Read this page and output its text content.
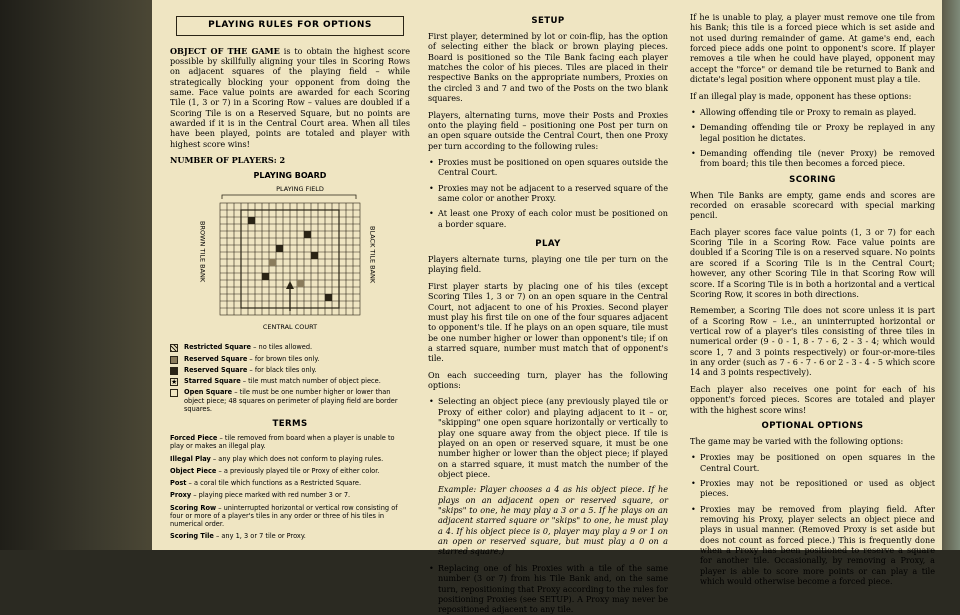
PLAYING RULES FOR OPTIONS

OBJECT OF THE GAME is to obtain the highest score possible by skillfully aligning your tiles in Scoring Rows on adjacent squares of the playing field – while strategically blocking your opponent from doing the same. Face value points are awarded for each Scoring Tile (1, 3 or 7) in a Scoring Row – values are doubled if a Scoring Tile is on a Reserved Square, but no points are awarded if it is in the Central Court area. When all tiles have been played, points are totaled and player with highest score wins!

NUMBER OF PLAYERS: 2

PLAYING BOARD
PLAYING FIELD
BROWN TILE BANK	BLACK TILE BANK
CENTRAL COURT
Restricted Square – no tiles allowed.
Reserved Square – for brown tiles only.
Reserved Square – for black tiles only.
★ Starred Square – tile must match number of object piece.
Open Square – tile must be one number higher or lower than object piece; 48 squares on perimeter of playing field are border squares.
TERMS
Forced Piece – tile removed from board when a player is unable to play or makes an illegal play.
Illegal Play – any play which does not conform to playing rules.
Object Piece – a previously played tile or Proxy of either color.
Post – a coral tile which functions as a Restricted Square.
Proxy – playing piece marked with red number 3 or 7.
Scoring Row – uninterrupted horizontal or vertical row consisting of four or more of a player's tiles in any order or three of his tiles in numerical order.
Scoring Tile – any 1, 3 or 7 tile or Proxy.
SETUP

First player, determined by lot or coin-flip, has the option of selecting either the black or brown playing pieces. Board is positioned so the Tile Bank facing each player matches the color of his pieces. Tiles are placed in their respective Banks on the appropriate numbers, Proxies on the circled 3 and 7 and two of the Posts on the two blank squares.

Players, alternating turns, move their Posts and Proxies onto the playing field – positioning one Post per turn on an open square outside the Central Court, then one Proxy per turn according to the following rules:

• Proxies must be positioned on open squares outside the Central Court.
• Proxies may not be adjacent to a reserved square of the same color or another Proxy.
• At least one Proxy of each color must be positioned on a border square.
PLAY

Players alternate turns, playing one tile per turn on the playing field.

First player starts by placing one of his tiles (except Scoring Tiles 1, 3 or 7) on an open square in the Central Court, not adjacent to one of his Proxies. Second player must play his first tile on one of the four squares adjacent to opponent's tile. If he plays on an open square, tile must be one number higher or lower than opponent's tile; if on a starred square, number must match that of opponent's tile.

On each succeeding turn, player has the following options:

• Selecting an object piece (any previously played tile or Proxy of either color) and playing adjacent to it – or, "skipping" one open square horizontally or vertically to play one square away from the object piece. If tile is played on an open or reserved square, it must be one number higher or lower than the object piece; if played on a starred square, it must match the number of the object piece.
Example: Player chooses a 4 as his object piece. If he plays on an adjacent open or reserved square, or "skips" to one, he may play a 3 or a 5. If he plays on an adjacent starred square or "skips" to one, he must play a 4. If his object piece is 0, player may play a 9 or 1 on an open or reserved square, but must play a 0 on a starred square.)
• Replacing one of his Proxies with a tile of the same number (3 or 7) from his Tile Bank and, on the same turn, repositioning that Proxy according to the rules for positioning Proxies (see SETUP). A Proxy may never be repositioned adjacent to any tile.

If he is unable to play, a player must remove one tile from his Bank; this tile is a forced piece which is set aside and not used during remainder of game. At game's end, each forced piece adds one point to opponent's score. If player removes a tile when he could have played, opponent may accept the "force" or demand tile be returned to Bank and dictate's legal position where opponent must play a tile.

If an illegal play is made, opponent has these options:

• Allowing offending tile or Proxy to remain as played.
• Demanding offending tile or Proxy be replayed in any legal position he dictates.
• Demanding offending tile (never Proxy) be removed from board; this tile then becomes a forced piece.
SCORING

When Tile Banks are empty, game ends and scores are recorded on erasable scorecard with special marking pencil.

Each player scores face value points (1, 3 or 7) for each Scoring Tile in a Scoring Row. Face value points are doubled if a Scoring Tile is on a reserved square. No points are scored if a Scoring Tile is in the Central Court; however, any other Scoring Tile in that Scoring Row will score. If a Scoring Tile is in both a horizontal and a vertical Scoring Row, it scores in both directions.

Remember, a Scoring Tile does not score unless it is part of a Scoring Row – i.e., an uninterrupted horizontal or vertical row of a player's tiles consisting of three tiles in numerical order (9 - 0 - 1, 8 - 7 - 6, 2 - 3 - 4; which would score 1, 7 and 3 points respectively) or four-or-more-tiles in any order (such as 7 - 6 - 7 - 6 or 2 - 3 - 4 - 5 which score 14 and 3 points respectively).

Each player also receives one point for each of his opponent's forced pieces. Scores are totaled and player with the highest score wins!

OPTIONAL OPTIONS

The game may be varied with the following options:

• Proxies may be positioned on open squares in the Central Court.
• Proxies may not be repositioned or used as object pieces.
• Proxies may be removed from playing field. After removing his Proxy, player selects an object piece and plays in usual manner. (Removed Proxy is set aside but does not count as forced piece.) This is frequently done when a Proxy has been positioned to reserve a square for another tile. Occasionally, by removing a Proxy, a player is able to score more points or can play a tile which would otherwise become a forced piece.
